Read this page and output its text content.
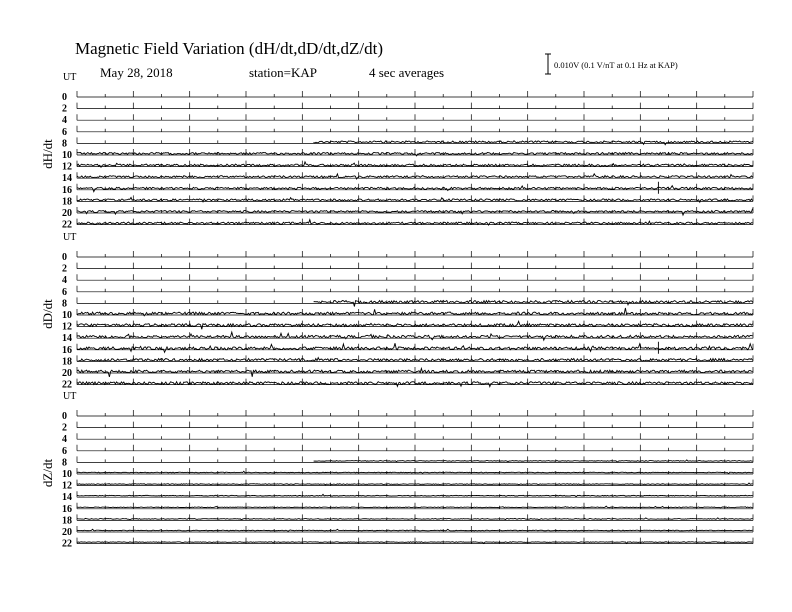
Magnetic Field Variation (dH/dt,dD/dt,dZ/dt)
May 28, 2018	station=KAP	4 sec averages	0.010V (0.1 V/nT at 0.1 Hz at KAP)
UT
dH/dt
0
2
4
6
8
10
12
14
16
18
20
22
UT
dD/dt
0
2
4
6
8
10
12
14
16
18
20
22
UT
dZ/dt
0
2
4
6
8
10
12
14
16
18
20
22
